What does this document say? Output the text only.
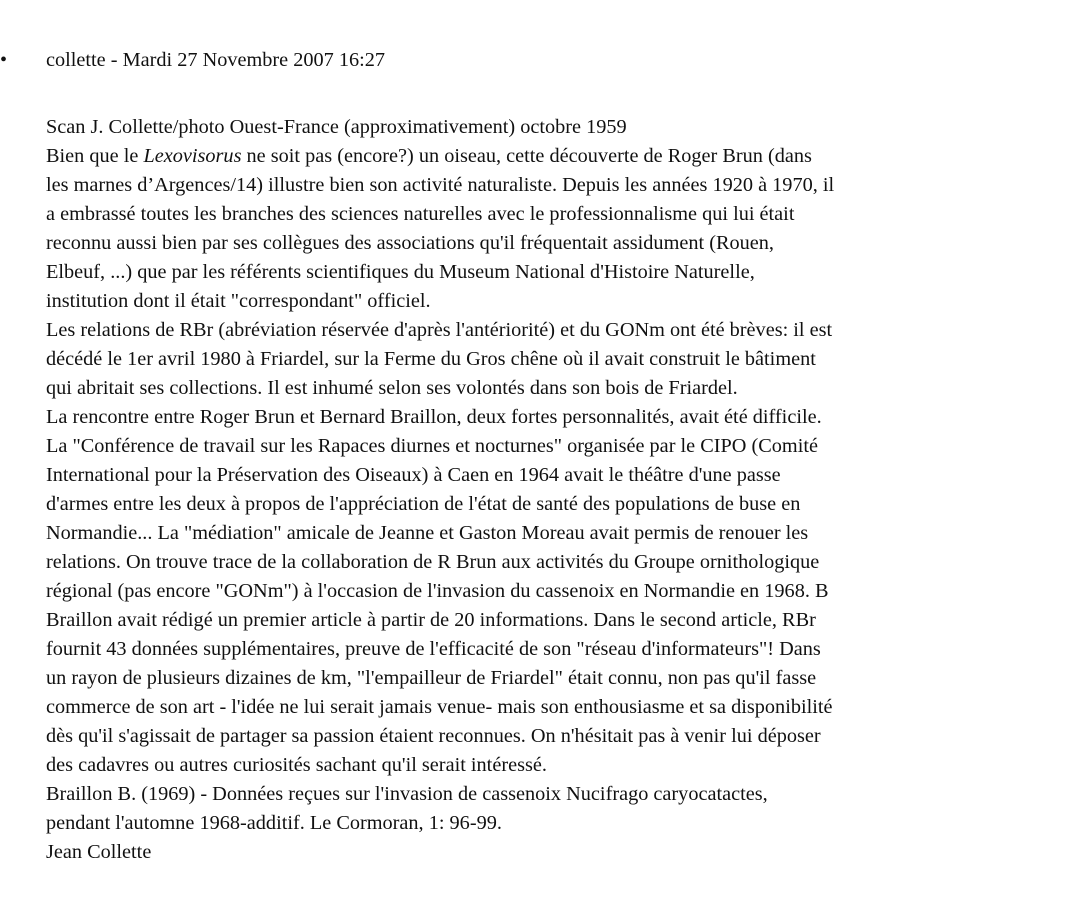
• collette - Mardi 27 Novembre 2007 16:27
Scan J. Collette/photo Ouest-France (approximativement) octobre 1959
Bien que le Lexovisorus ne soit pas (encore?) un oiseau, cette découverte de Roger Brun (dans
les marnes d’Argences/14) illustre bien son activité naturaliste. Depuis les années 1920 à 1970, il
a embrassé toutes les branches des sciences naturelles avec le professionnalisme qui lui était
reconnu aussi bien par ses collègues des associations qu'il fréquentait assidument (Rouen,
Elbeuf, ...) que par les référents scientifiques du Museum National d'Histoire Naturelle,
institution dont il était "correspondant" officiel.
Les relations de RBr (abréviation réservée d'après l'antériorité) et du GONm ont été brèves: il est
décédé le 1er avril 1980 à Friardel, sur la Ferme du Gros chêne où il avait construit le bâtiment
qui abritait ses collections. Il est inhumé selon ses volontés dans son bois de Friardel.
La rencontre entre Roger Brun et Bernard Braillon, deux fortes personnalités, avait été difficile.
La "Conférence de travail sur les Rapaces diurnes et nocturnes" organisée par le CIPO (Comité
International pour la Préservation des Oiseaux) à Caen en 1964 avait le théâtre d'une passe
d'armes entre les deux à propos de l'appréciation de l'état de santé des populations de buse en
Normandie... La "médiation" amicale de Jeanne et Gaston Moreau avait permis de renouer les
relations. On trouve trace de la collaboration de R Brun aux activités du Groupe ornithologique
régional (pas encore "GONm") à l'occasion de l'invasion du cassenoix en Normandie en 1968. B
Braillon avait rédigé un premier article à partir de 20 informations. Dans le second article, RBr
fournit 43 données supplémentaires, preuve de l'efficacité de son "réseau d'informateurs"! Dans
un rayon de plusieurs dizaines de km, "l'empailleur de Friardel" était connu, non pas qu'il fasse
commerce de son art - l'idée ne lui serait jamais venue- mais son enthousiasme et sa disponibilité
dès qu'il s'agissait de partager sa passion étaient reconnues. On n'hésitait pas à venir lui déposer
des cadavres ou autres curiosités sachant qu'il serait intéressé.
Braillon B. (1969) - Données reçues sur l'invasion de cassenoix Nucifrago caryocatactes,
pendant l'automne 1968-additif. Le Cormoran, 1: 96-99.
Jean Collette
